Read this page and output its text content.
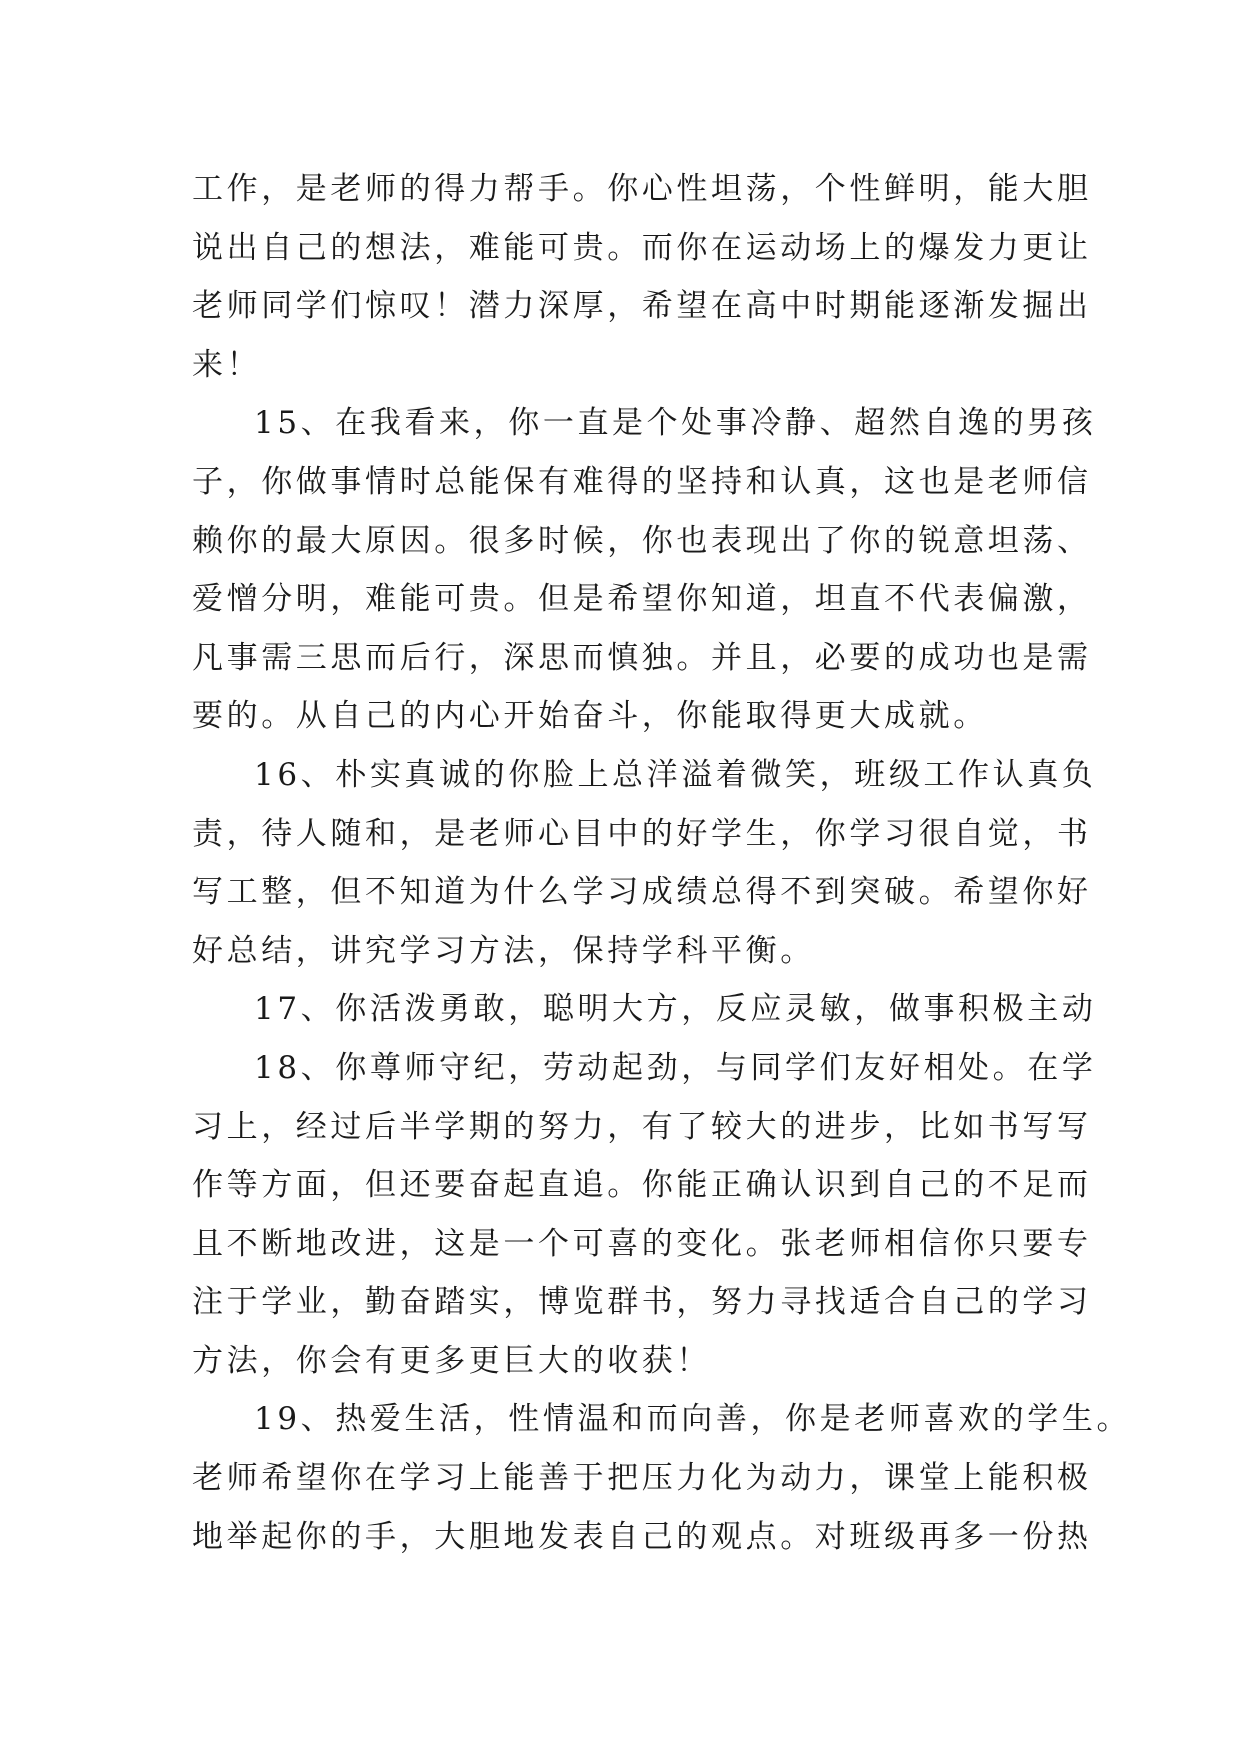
工作，是老师的得力帮手。你心性坦荡，个性鲜明，能大胆
说出自己的想法，难能可贵。而你在运动场上的爆发力更让
老师同学们惊叹！潜力深厚，希望在高中时期能逐渐发掘出
来！
15、在我看来，你一直是个处事冷静、超然自逸的男孩
子，你做事情时总能保有难得的坚持和认真，这也是老师信
赖你的最大原因。很多时候，你也表现出了你的锐意坦荡、
爱憎分明，难能可贵。但是希望你知道，坦直不代表偏激，
凡事需三思而后行，深思而慎独。并且，必要的成功也是需
要的。从自己的内心开始奋斗，你能取得更大成就。
16、朴实真诚的你脸上总洋溢着微笑，班级工作认真负
责，待人随和，是老师心目中的好学生，你学习很自觉，书
写工整，但不知道为什么学习成绩总得不到突破。希望你好
好总结，讲究学习方法，保持学科平衡。
17、你活泼勇敢，聪明大方，反应灵敏，做事积极主动
18、你尊师守纪，劳动起劲，与同学们友好相处。在学
习上，经过后半学期的努力，有了较大的进步，比如书写写
作等方面，但还要奋起直追。你能正确认识到自己的不足而
且不断地改进，这是一个可喜的变化。张老师相信你只要专
注于学业，勤奋踏实，博览群书，努力寻找适合自己的学习
方法，你会有更多更巨大的收获！
19、热爱生活，性情温和而向善，你是老师喜欢的学生。
老师希望你在学习上能善于把压力化为动力，课堂上能积极
地举起你的手，大胆地发表自己的观点。对班级再多一份热
